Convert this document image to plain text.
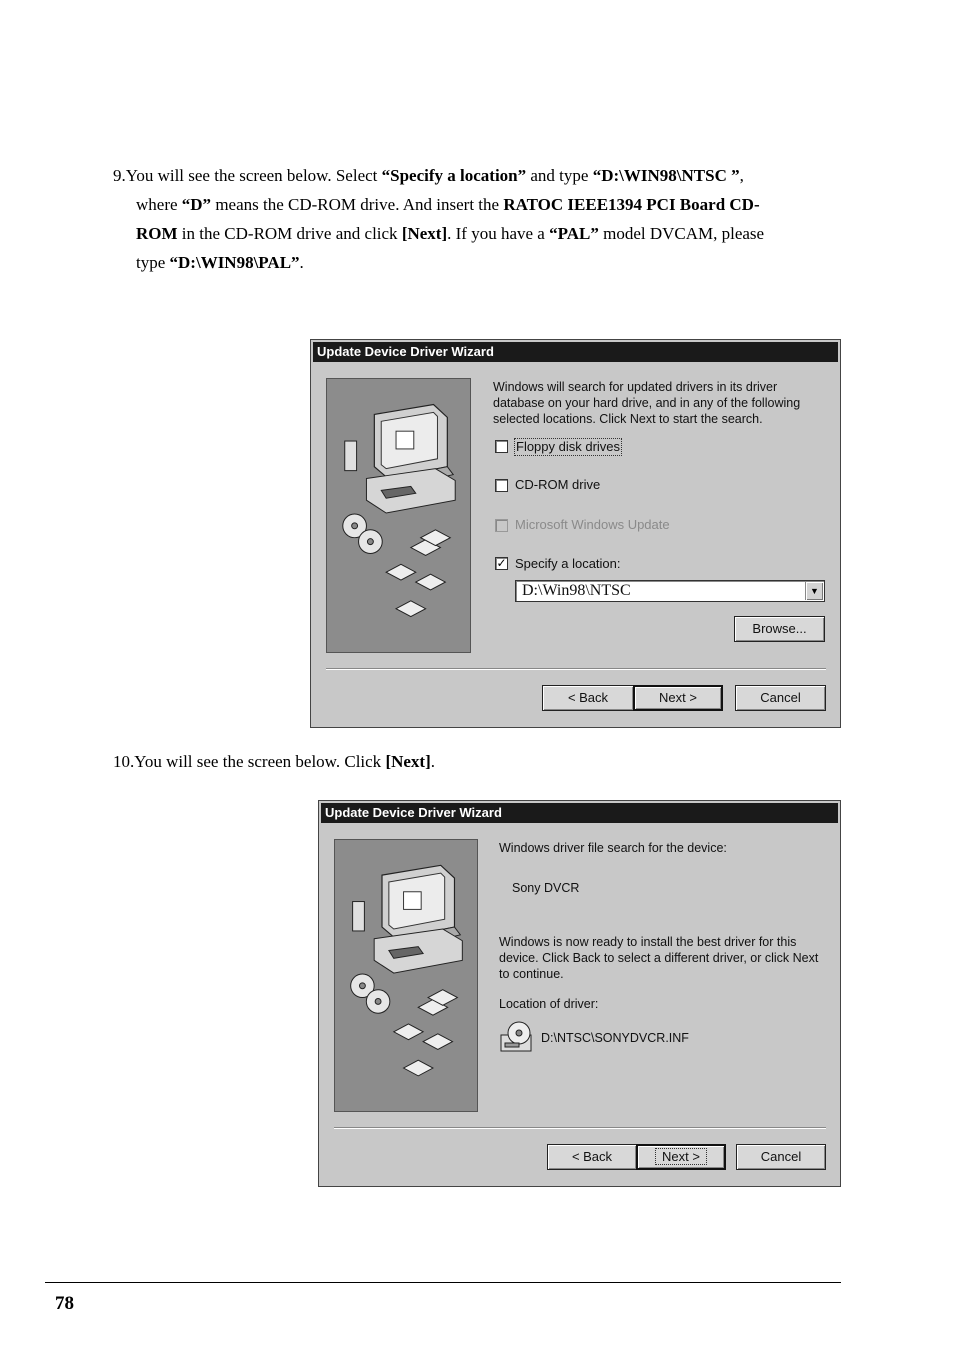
9.You will see the screen below. Select “Specify a location” and type “D:\WIN98\NTSC ”,
where “D” means the CD-ROM drive. And insert the RATOC IEEE1394 PCI Board CD-
ROM in the CD-ROM drive and click [Next]. If you have a “PAL” model DVCAM, please
type “D:\WIN98\PAL”.
Update Device Driver Wizard
Windows will search for updated drivers in its driver
database on your hard drive, and in any of the following
selected locations. Click Next to start the search.
Floppy disk drives
CD-ROM drive
Microsoft Windows Update
✓ Specify a location:
D:\Win98\NTSC	▼
Browse...
< Back	Next >	Cancel
10.You will see the screen below. Click [Next].
Update Device Driver Wizard
Windows driver file search for the device:
Sony DVCR
Windows is now ready to install the best driver for this
device. Click Back to select a different driver, or click Next
to continue.
Location of driver:
D:\NTSC\SONYDVCR.INF
< Back	Next >	Cancel
78
